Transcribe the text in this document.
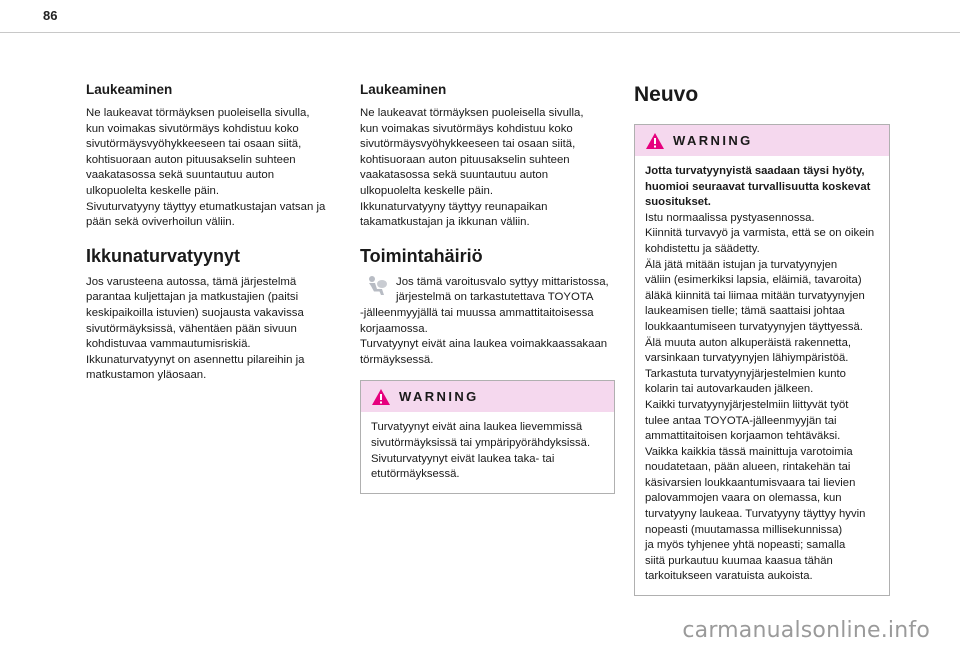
86
Laukeaminen

Ne laukeavat törmäyksen puoleisella sivulla,
kun voimakas sivutörmäys kohdistuu koko
sivutörmäysvyöhykkeeseen tai osaan siitä,
kohtisuoraan auton pituusakselin suhteen
vaakatasossa sekä suuntautuu auton
ulkopuolelta keskelle päin.
Sivuturvatyyny täyttyy etumatkustajan vatsan ja
pään sekä oviverhoilun väliin.

Ikkunaturvatyynyt

Jos varusteena autossa, tämä järjestelmä
parantaa kuljettajan ja matkustajien (paitsi
keskipaikoilla istuvien) suojausta vakavissa
sivutörmäyksissä, vähentäen pään sivuun
kohdistuvaa vammautumisriskiä.
Ikkunaturvatyynyt on asennettu pilareihin ja
matkustamon yläosaan.

Laukeaminen

Ne laukeavat törmäyksen puoleisella sivulla,
kun voimakas sivutörmäys kohdistuu koko
sivutörmäysvyöhykkeeseen tai osaan siitä,
kohtisuoraan auton pituusakselin suhteen
vaakatasossa sekä suuntautuu auton
ulkopuolelta keskelle päin.
Ikkunaturvatyyny täyttyy reunapaikan
takamatkustajan ja ikkunan väliin.

Toimintahäiriö

Jos tämä varoitusvalo syttyy mittaristossa,
järjestelmä on tarkastutettava TOYOTA

-jälleenmyyjällä tai muussa ammattitaitoisessa
korjaamossa.
Turvatyynyt eivät aina laukea voimakkaassakaan
törmäyksessä.

WARNING

Turvatyynyt eivät aina laukea lievemmissä
sivutörmäyksissä tai ympäripyörähdyksissä.
Sivuturvatyynyt eivät laukea taka- tai
etutörmäyksessä.

Neuvo
WARNING

Jotta turvatyynyistä saadaan täysi hyöty,
huomioi seuraavat turvallisuutta koskevat
suositukset.

Istu normaalissa pystyasennossa.
Kiinnitä turvavyö ja varmista, että se on oikein
kohdistettu ja säädetty.
Älä jätä mitään istujan ja turvatyynyjen
väliin (esimerkiksi lapsia, eläimiä, tavaroita)
äläkä kiinnitä tai liimaa mitään turvatyynyjen
laukeamisen tielle; tämä saattaisi johtaa
loukkaantumiseen turvatyynyjen täyttyessä.
Älä muuta auton alkuperäistä rakennetta,
varsinkaan turvatyynyjen lähiympäristöä.
Tarkastuta turvatyynyjärjestelmien kunto
kolarin tai autovarkauden jälkeen.
Kaikki turvatyynyjärjestelmiin liittyvät työt
tulee antaa TOYOTA-jälleenmyyjän tai
ammattitaitoisen korjaamon tehtäväksi.
Vaikka kaikkia tässä mainittuja varotoimia
noudatetaan, pään alueen, rintakehän tai
käsivarsien loukkaantumisvaara tai lievien
palovammojen vaara on olemassa, kun
turvatyyny laukeaa. Turvatyyny täyttyy hyvin
nopeasti (muutamassa millisekunnissa)
ja myös tyhjenee yhtä nopeasti; samalla
siitä purkautuu kuumaa kaasua tähän
tarkoitukseen varatuista aukoista.

carmanualsonline.info
